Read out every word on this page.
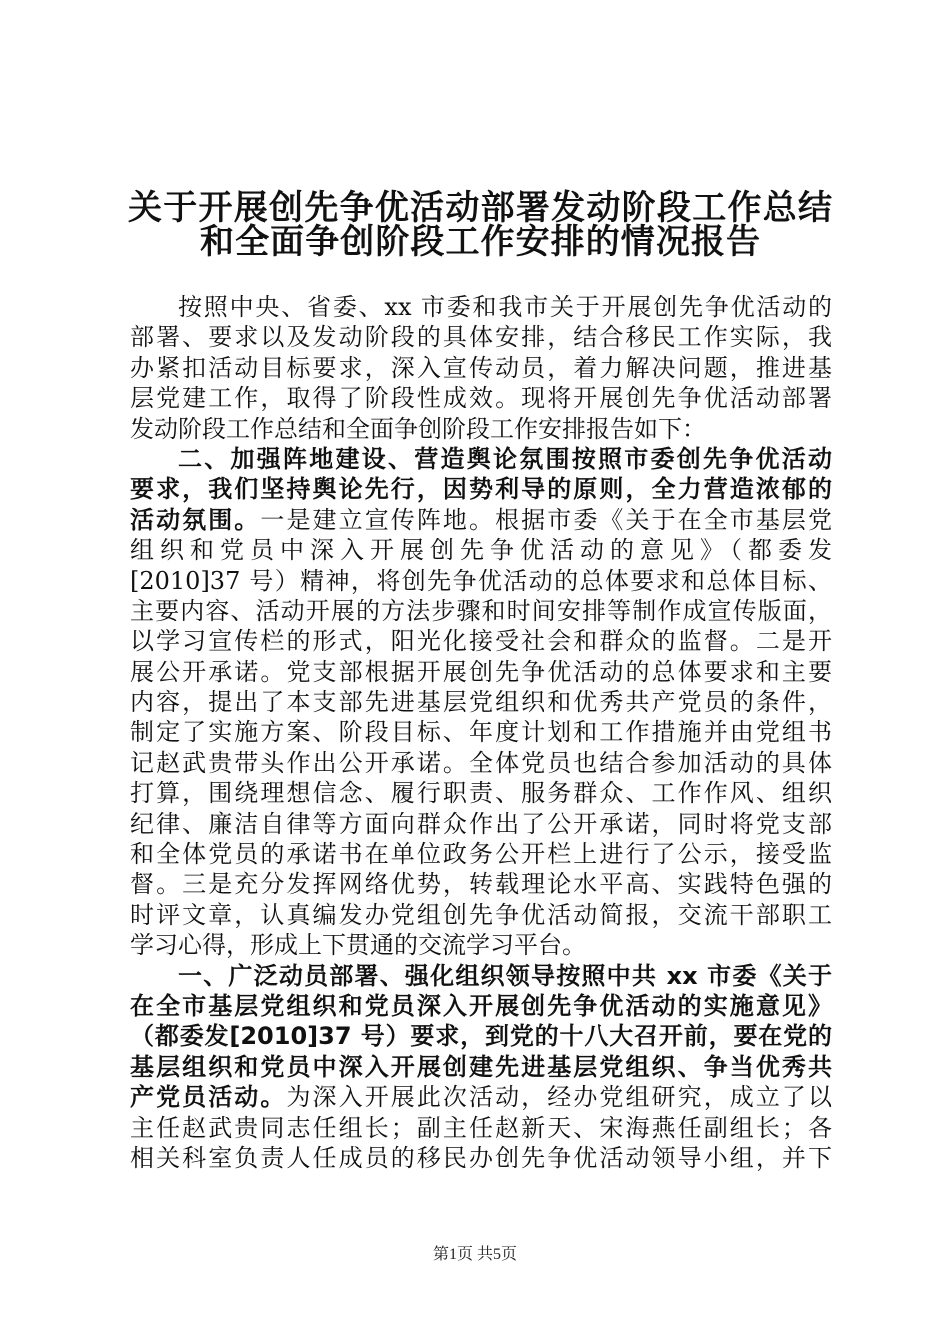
关于开展创先争优活动部署发动阶段工作总结
和全面争创阶段工作安排的情况报告
按照中央、省委、xx 市委和我市关于开展创先争优活动的
部署、要求以及发动阶段的具体安排，结合移民工作实际，我
办紧扣活动目标要求，深入宣传动员，着力解决问题，推进基
层党建工作，取得了阶段性成效。现将开展创先争优活动部署
发动阶段工作总结和全面争创阶段工作安排报告如下：
二、加强阵地建设、营造舆论氛围按照市委创先争优活动
要求，我们坚持舆论先行，因势利导的原则，全力营造浓郁的
活动氛围。一是建立宣传阵地。根据市委《关于在全市基层党
组织和党员中深入开展创先争优活动的意见》（都委发
[2010]37 号）精神，将创先争优活动的总体要求和总体目标、
主要内容、活动开展的方法步骤和时间安排等制作成宣传版面，
以学习宣传栏的形式，阳光化接受社会和群众的监督。二是开
展公开承诺。党支部根据开展创先争优活动的总体要求和主要
内容，提出了本支部先进基层党组织和优秀共产党员的条件，
制定了实施方案、阶段目标、年度计划和工作措施并由党组书
记赵武贵带头作出公开承诺。全体党员也结合参加活动的具体
打算，围绕理想信念、履行职责、服务群众、工作作风、组织
纪律、廉洁自律等方面向群众作出了公开承诺，同时将党支部
和全体党员的承诺书在单位政务公开栏上进行了公示，接受监
督。三是充分发挥网络优势，转载理论水平高、实践特色强的
时评文章，认真编发办党组创先争优活动简报，交流干部职工
学习心得，形成上下贯通的交流学习平台。
一、广泛动员部署、强化组织领导按照中共 xx 市委《关于
在全市基层党组织和党员深入开展创先争优活动的实施意见》
（都委发[2010]37 号）要求，到党的十八大召开前，要在党的
基层组织和党员中深入开展创建先进基层党组织、争当优秀共
产党员活动。为深入开展此次活动，经办党组研究，成立了以
主任赵武贵同志任组长；副主任赵新天、宋海燕任副组长；各
相关科室负责人任成员的移民办创先争优活动领导小组，并下
第1页 共5页
